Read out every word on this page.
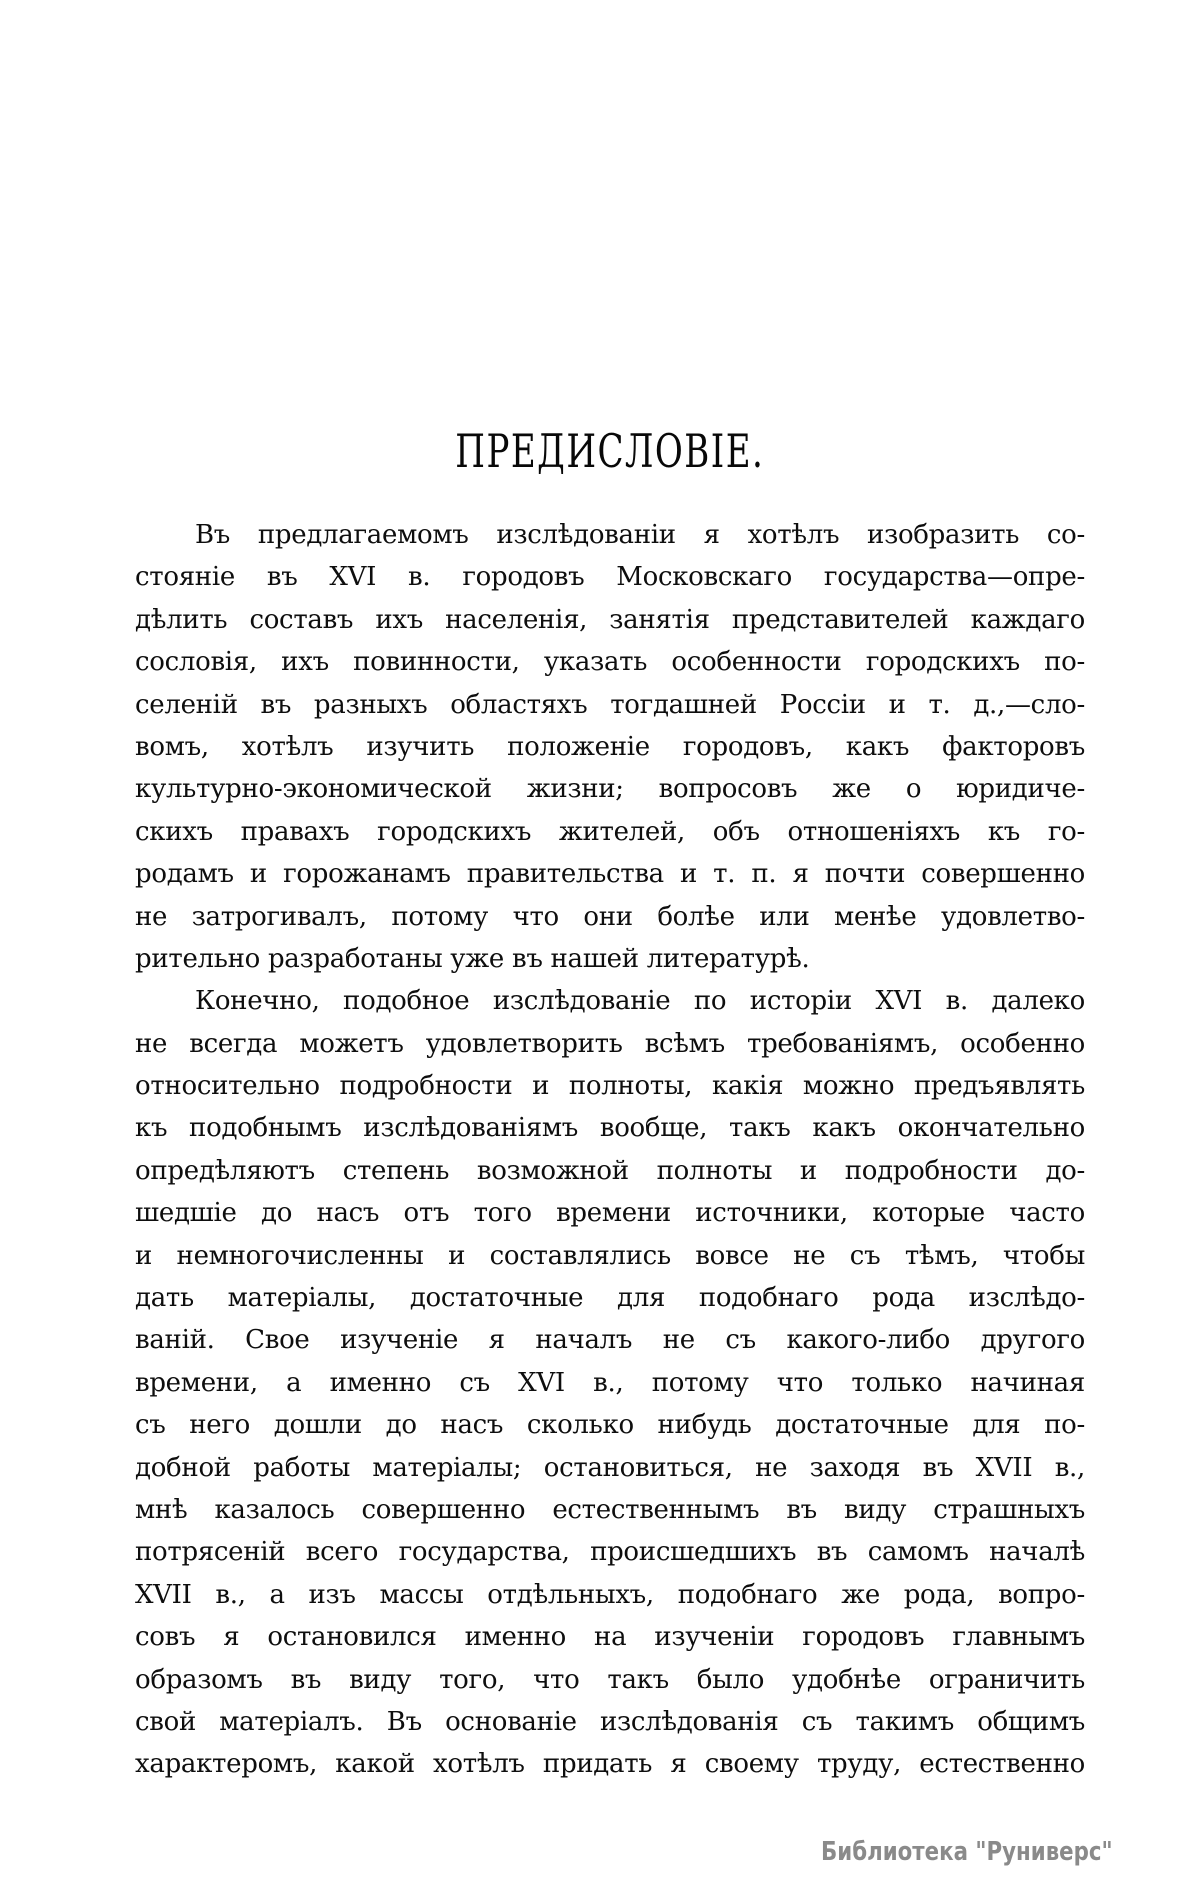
ПРЕДИСЛОВІЕ.
Въ предлагаемомъ изслѣдованіи я хотѣлъ изобразить со-
стояніе въ XVI в. городовъ Московскаго государства—опре-
дѣлить составъ ихъ населенія, занятія представителей каждаго
сословія, ихъ повинности, указать особенности городскихъ по-
селеній въ разныхъ областяхъ тогдашней Россіи и т. д.,—сло-
вомъ, хотѣлъ изучить положеніе городовъ, какъ факторовъ
культурно-экономической жизни; вопросовъ же о юридиче-
скихъ правахъ городскихъ жителей, объ отношеніяхъ къ го-
родамъ и горожанамъ правительства и т. п. я почти совершенно
не затрогивалъ, потому что они болѣе или менѣе удовлетво-
рительно разработаны уже въ нашей литературѣ.
Конечно, подобное изслѣдованіе по исторіи XVI в. далеко
не всегда можетъ удовлетворить всѣмъ требованіямъ, особенно
относительно подробности и полноты, какія можно предъявлять
къ подобнымъ изслѣдованіямъ вообще, такъ какъ окончательно
опредѣляютъ степень возможной полноты и подробности до-
шедшіе до насъ отъ того времени источники, которые часто
и немногочисленны и составлялись вовсе не съ тѣмъ, чтобы
дать матеріалы, достаточные для подобнаго рода изслѣдо-
ваній. Свое изученіе я началъ не съ какого-либо другого
времени, а именно съ XVI в., потому что только начиная
съ него дошли до насъ сколько нибудь достаточные для по-
добной работы матеріалы; остановиться, не заходя въ XVII в.,
мнѣ казалось совершенно естественнымъ въ виду страшныхъ
потрясеній всего государства, происшедшихъ въ самомъ началѣ
XVII в., а изъ массы отдѣльныхъ, подобнаго же рода, вопро-
совъ я остановился именно на изученіи городовъ главнымъ
образомъ въ виду того, что такъ было удобнѣе ограничить
свой матеріалъ. Въ основаніе изслѣдованія съ такимъ общимъ
характеромъ, какой хотѣлъ придать я своему труду, естественно
Библиотека "Руниверс"
